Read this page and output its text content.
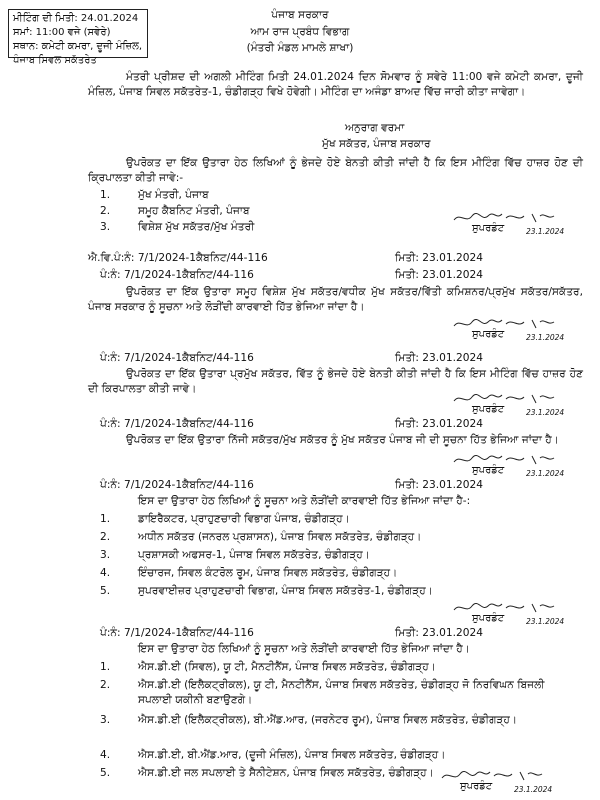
ਮੀਟਿੰਗ ਦੀ ਮਿਤੀ: 24.01.2024
ਸਮਾਂ: 11:00 ਵਜੇ (ਸਵੇਰੇ)
ਸਥਾਨ: ਕਮੇਟੀ ਕਮਰਾ, ਦੂਜੀ ਮੰਜ਼ਿਲ,
ਪੰਜਾਬ ਸਿਵਲ ਸਕੱਤਰੇਤ
ਪੰਜਾਬ ਸਰਕਾਰ
ਆਮ ਰਾਜ ਪ੍ਰਬੰਧ ਵਿਭਾਗ
(ਮੰਤਰੀ ਮੰਡਲ ਮਾਮਲੇ ਸ਼ਾਖਾ)
ਮੰਤਰੀ ਪ੍ਰੀਸ਼ਦ ਦੀ ਅਗਲੀ ਮੀਟਿੰਗ ਮਿਤੀ 24.01.2024 ਦਿਨ ਸੋਮਵਾਰ ਨੂੰ ਸਵੇਰੇ 11:00 ਵਜੇ ਕਮੇਟੀ ਕਮਰਾ, ਦੂਜੀ ਮੰਜ਼ਿਲ, ਪੰਜਾਬ ਸਿਵਲ ਸਕੱਤਰੇਤ-1, ਚੰਡੀਗੜ੍ਹ ਵਿਖੇ ਹੋਵੇਗੀ। ਮੀਟਿੰਗ ਦਾ ਅਜੰਡਾ ਬਾਅਦ ਵਿੱਚ ਜਾਰੀ ਕੀਤਾ ਜਾਵੇਗਾ।
ਅਨੁਰਾਗ ਵਰਮਾ
ਮੁੱਖ ਸਕੱਤਰ, ਪੰਜਾਬ ਸਰਕਾਰ
ਉਪਰੋਕਤ ਦਾ ਇੱਕ ਉਤਾਰਾ ਹੇਠ ਲਿਖਿਆਂ ਨੂੰ ਭੇਜਦੇ ਹੋਏ ਬੇਨਤੀ ਕੀਤੀ ਜਾਂਦੀ ਹੈ ਕਿ ਇਸ ਮੀਟਿੰਗ ਵਿੱਚ ਹਾਜ਼ਰ ਹੋਣ ਦੀ ਕ੍ਰਿਪਾਲਤਾ ਕੀਤੀ ਜਾਵੇ:-
1.	ਮੁੱਖ ਮੰਤਰੀ, ਪੰਜਾਬ
2.	ਸਮੂਹ ਕੈਬਨਿਟ ਮੰਤਰੀ, ਪੰਜਾਬ
3.	ਵਿਸ਼ੇਸ਼ ਮੁੱਖ ਸਕੱਤਰ/ਮੁੱਖ ਮੰਤਰੀ	ਸੁਪਰਡੰਟ	23.1.2024
ਐ.ਵਿ.ਪੰ:ਨੰ: 7/1/2024-1ਕੈਬਨਿਟ/44-116	ਮਿਤੀ: 23.01.2024
ਪੰ:ਨੰ: 7/1/2024-1ਕੈਬਨਿਟ/44-116	ਮਿਤੀ: 23.01.2024
ਉਪਰੋਕਤ ਦਾ ਇੱਕ ਉਤਾਰਾ ਸਮੂਹ ਵਿਸ਼ੇਸ਼ ਮੁੱਖ ਸਕੱਤਰ/ਵਧੀਕ ਮੁੱਖ ਸਕੱਤਰ/ਵਿੱਤੀ ਕਮਿਸ਼ਨਰ/ਪ੍ਰਮੁੱਖ ਸਕੱਤਰ/ਸਕੱਤਰ, ਪੰਜਾਬ ਸਰਕਾਰ ਨੂੰ ਸੂਚਨਾ ਅਤੇ ਲੋੜੀਂਦੀ ਕਾਰਵਾਈ ਹਿੱਤ ਭੇਜਿਆ ਜਾਂਦਾ ਹੈ।
ਸੁਪਰਡੰਟ	23.1.2024
ਪੰ:ਨੰ: 7/1/2024-1ਕੈਬਨਿਟ/44-116	ਮਿਤੀ: 23.01.2024
ਉਪਰੋਕਤ ਦਾ ਇੱਕ ਉਤਾਰਾ ਪ੍ਰਮੁੱਖ ਸਕੱਤਰ, ਵਿੱਤ ਨੂੰ ਭੇਜਦੇ ਹੋਏ ਬੇਨਤੀ ਕੀਤੀ ਜਾਂਦੀ ਹੈ ਕਿ ਇਸ ਮੀਟਿੰਗ ਵਿੱਚ ਹਾਜ਼ਰ ਹੋਣ ਦੀ ਕਿਰਪਾਲਤਾ ਕੀਤੀ ਜਾਵੇ।
ਸੁਪਰਡੰਟ	23.1.2024
ਪੰ:ਨੰ: 7/1/2024-1ਕੈਬਨਿਟ/44-116	ਮਿਤੀ: 23.01.2024
ਉਪਰੋਕਤ ਦਾ ਇੱਕ ਉਤਾਰਾ ਨਿੱਜੀ ਸਕੱਤਰ/ਮੁੱਖ ਸਕੱਤਰ ਨੂੰ ਮੁੱਖ ਸਕੱਤਰ ਪੰਜਾਬ ਜੀ ਦੀ ਸੂਚਨਾ ਹਿੱਤ ਭੇਜਿਆ ਜਾਂਦਾ ਹੈ।
ਸੁਪਰਡੰਟ	23.1.2024
ਪੰ:ਨੰ: 7/1/2024-1ਕੈਬਨਿਟ/44-116	ਮਿਤੀ: 23.01.2024
ਇਸ ਦਾ ਉਤਾਰਾ ਹੇਠ ਲਿਖਿਆਂ ਨੂੰ ਸੂਚਨਾ ਅਤੇ ਲੋੜੀਂਦੀ ਕਾਰਵਾਈ ਹਿੱਤ ਭੇਜਿਆ ਜਾਂਦਾ ਹੈ-:
1.	ਡਾਇਰੈਕਟਰ, ਪ੍ਰਾਹੁਣਚਾਰੀ ਵਿਭਾਗ ਪੰਜਾਬ, ਚੰਡੀਗੜ੍ਹ।
2.	ਅਧੀਨ ਸਕੱਤਰ (ਜਨਰਲ ਪ੍ਰਸ਼ਾਸਨ), ਪੰਜਾਬ ਸਿਵਲ ਸਕੱਤਰੇਤ, ਚੰਡੀਗੜ੍ਹ।
3.	ਪ੍ਰਸ਼ਾਸਕੀ ਅਫਸਰ-1, ਪੰਜਾਬ ਸਿਵਲ ਸਕੱਤਰੇਤ, ਚੰਡੀਗੜ੍ਹ।
4.	ਇੰਚਾਰਜ, ਸਿਵਲ ਕੰਟਰੋਲ ਰੂਮ, ਪੰਜਾਬ ਸਿਵਲ ਸਕੱਤਰੇਤ, ਚੰਡੀਗੜ੍ਹ।
5.	ਸੁਪਰਵਾਈਜ਼ਰ ਪ੍ਰਾਹੁਣਚਾਰੀ ਵਿਭਾਗ, ਪੰਜਾਬ ਸਿਵਲ ਸਕੱਤਰੇਤ-1, ਚੰਡੀਗੜ੍ਹ।
ਸੁਪਰਡੰਟ	23.1.2024
ਪੰ:ਨੰ: 7/1/2024-1ਕੈਬਨਿਟ/44-116	ਮਿਤੀ: 23.01.2024
ਇਸ ਦਾ ਉਤਾਰਾ ਹੇਠ ਲਿਖਿਆਂ ਨੂੰ ਸੂਚਨਾ ਅਤੇ ਲੋੜੀਂਦੀ ਕਾਰਵਾਈ ਹਿੱਤ ਭੇਜਿਆ ਜਾਂਦਾ ਹੈ।
1.	ਐਸ.ਡੀ.ਈ (ਸਿਵਲ), ਯੂ ਟੀ, ਮੈਨਟੀਨੈਂਸ, ਪੰਜਾਬ ਸਿਵਲ ਸਕੱਤਰੇਤ, ਚੰਡੀਗੜ੍ਹ।
2.	ਐਸ.ਡੀ.ਈ (ਇਲੈਕਟ੍ਰੀਕਲ), ਯੂ ਟੀ, ਮੈਨਟੀਨੈਂਸ, ਪੰਜਾਬ ਸਿਵਲ ਸਕੱਤਰੇਤ, ਚੰਡੀਗੜ੍ਹ ਜੋ ਨਿਰਵਿਘਨ ਬਿਜਲੀ ਸਪਲਾਈ ਯਕੀਨੀ ਬਣਾਉਣਗੇ।
3.	ਐਸ.ਡੀ.ਈ (ਇਲੈਕਟ੍ਰੀਕਲ), ਬੀ.ਐਂਡ.ਆਰ, (ਜਰਨੇਟਰ ਰੂਮ), ਪੰਜਾਬ ਸਿਵਲ ਸਕੱਤਰੇਤ, ਚੰਡੀਗੜ੍ਹ।
4.	ਐਸ.ਡੀ.ਈ, ਬੀ.ਐਂਡ.ਆਰ, (ਦੂਜੀ ਮੰਜ਼ਿਲ), ਪੰਜਾਬ ਸਿਵਲ ਸਕੱਤਰੇਤ, ਚੰਡੀਗੜ੍ਹ।
5.	ਐਸ.ਡੀ.ਈ ਜਲ ਸਪਲਾਈ ਤੇ ਸੈਨੀਟੇਸ਼ਨ, ਪੰਜਾਬ ਸਿਵਲ ਸਕੱਤਰੇਤ, ਚੰਡੀਗੜ੍ਹ।
ਸੁਪਰਡੰਟ	23.1.2024
